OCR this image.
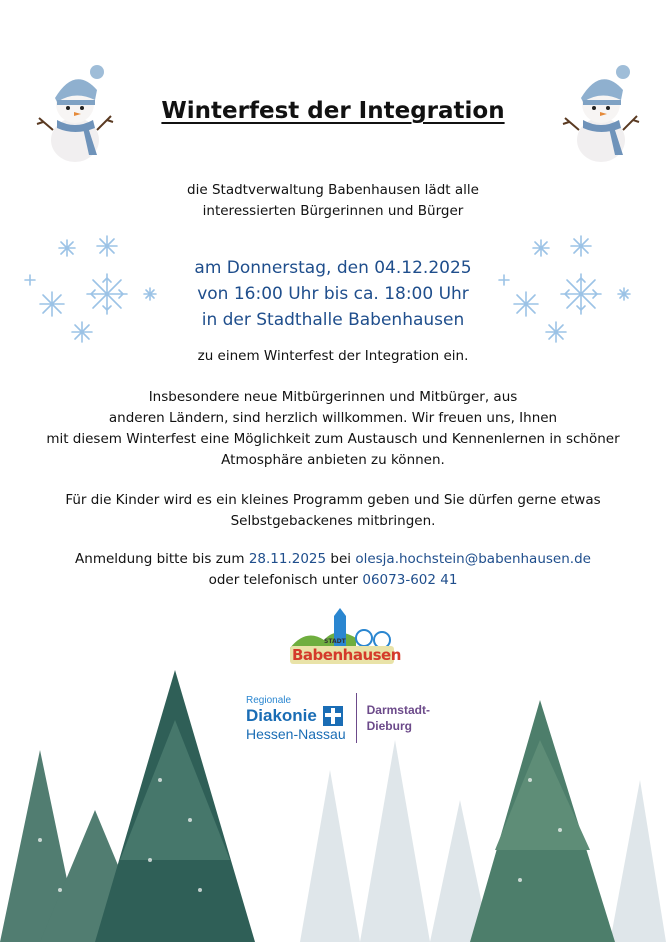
Winterfest der Integration
die Stadtverwaltung Babenhausen lädt alle
interessierten Bürgerinnen und Bürger
am Donnerstag, den 04.12.2025
von 16:00 Uhr bis ca. 18:00 Uhr
in der Stadthalle Babenhausen
zu einem Winterfest der Integration ein.
Insbesondere neue Mitbürgerinnen und Mitbürger, aus
anderen Ländern, sind herzlich willkommen. Wir freuen uns, Ihnen
mit diesem Winterfest eine Möglichkeit zum Austausch und Kennenlernen in schöner
Atmosphäre anbieten zu können.
Für die Kinder wird es ein kleines Programm geben und Sie dürfen gerne etwas
Selbstgebackenes mitbringen.
Anmeldung bitte bis zum 28.11.2025 bei olesja.hochstein@babenhausen.de
oder telefonisch unter 06073-602 41
STADT
Babenhausen
Regionale
Diakonie
Hessen-Nassau
Darmstadt-
Dieburg
